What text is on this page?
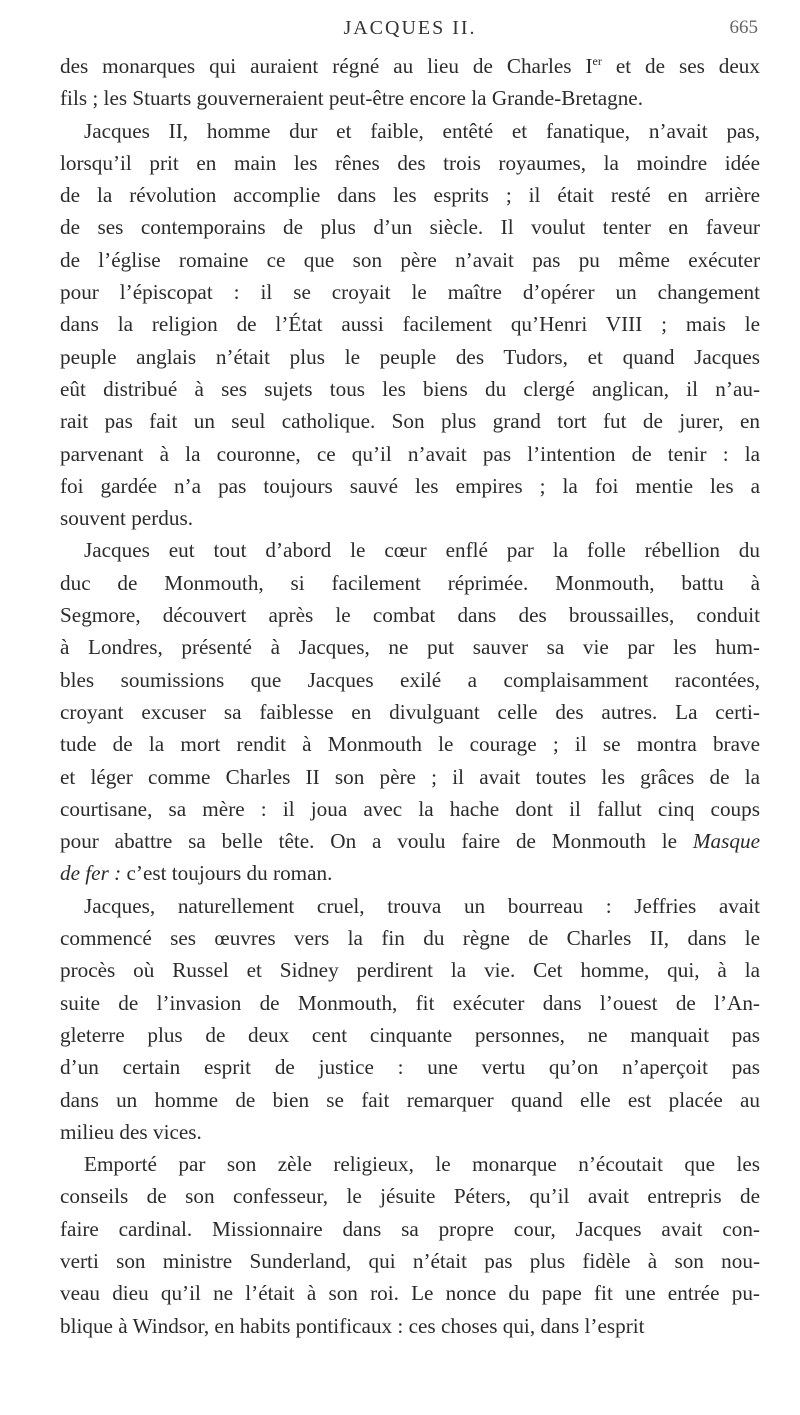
JACQUES II.	665
des monarques qui auraient régné au lieu de Charles Ier et de ses deux
fils ; les Stuarts gouverneraient peut-être encore la Grande-Bretagne.
Jacques II, homme dur et faible, entêté et fanatique, n’avait pas,
lorsqu’il prit en main les rênes des trois royaumes, la moindre idée
de la révolution accomplie dans les esprits ; il était resté en arrière
de ses contemporains de plus d’un siècle. Il voulut tenter en faveur
de l’église romaine ce que son père n’avait pas pu même exécuter
pour l’épiscopat : il se croyait le maître d’opérer un changement
dans la religion de l’État aussi facilement qu’Henri VIII ; mais le
peuple anglais n’était plus le peuple des Tudors, et quand Jacques
eût distribué à ses sujets tous les biens du clergé anglican, il n’au-
rait pas fait un seul catholique. Son plus grand tort fut de jurer, en
parvenant à la couronne, ce qu’il n’avait pas l’intention de tenir : la
foi gardée n’a pas toujours sauvé les empires ; la foi mentie les a
souvent perdus.
Jacques eut tout d’abord le cœur enflé par la folle rébellion du
duc de Monmouth, si facilement réprimée. Monmouth, battu à
Segmore, découvert après le combat dans des broussailles, conduit
à Londres, présenté à Jacques, ne put sauver sa vie par les hum-
bles soumissions que Jacques exilé a complaisamment racontées,
croyant excuser sa faiblesse en divulguant celle des autres. La certi-
tude de la mort rendit à Monmouth le courage ; il se montra brave
et léger comme Charles II son père ; il avait toutes les grâces de la
courtisane, sa mère : il joua avec la hache dont il fallut cinq coups
pour abattre sa belle tête. On a voulu faire de Monmouth le Masque
de fer : c’est toujours du roman.
Jacques, naturellement cruel, trouva un bourreau : Jeffries avait
commencé ses œuvres vers la fin du règne de Charles II, dans le
procès où Russel et Sidney perdirent la vie. Cet homme, qui, à la
suite de l’invasion de Monmouth, fit exécuter dans l’ouest de l’An-
gleterre plus de deux cent cinquante personnes, ne manquait pas
d’un certain esprit de justice : une vertu qu’on n’aperçoit pas
dans un homme de bien se fait remarquer quand elle est placée au
milieu des vices.
Emporté par son zèle religieux, le monarque n’écoutait que les
conseils de son confesseur, le jésuite Péters, qu’il avait entrepris de
faire cardinal. Missionnaire dans sa propre cour, Jacques avait con-
verti son ministre Sunderland, qui n’était pas plus fidèle à son nou-
veau dieu qu’il ne l’était à son roi. Le nonce du pape fit une entrée pu-
blique à Windsor, en habits pontificaux : ces choses qui, dans l’esprit
